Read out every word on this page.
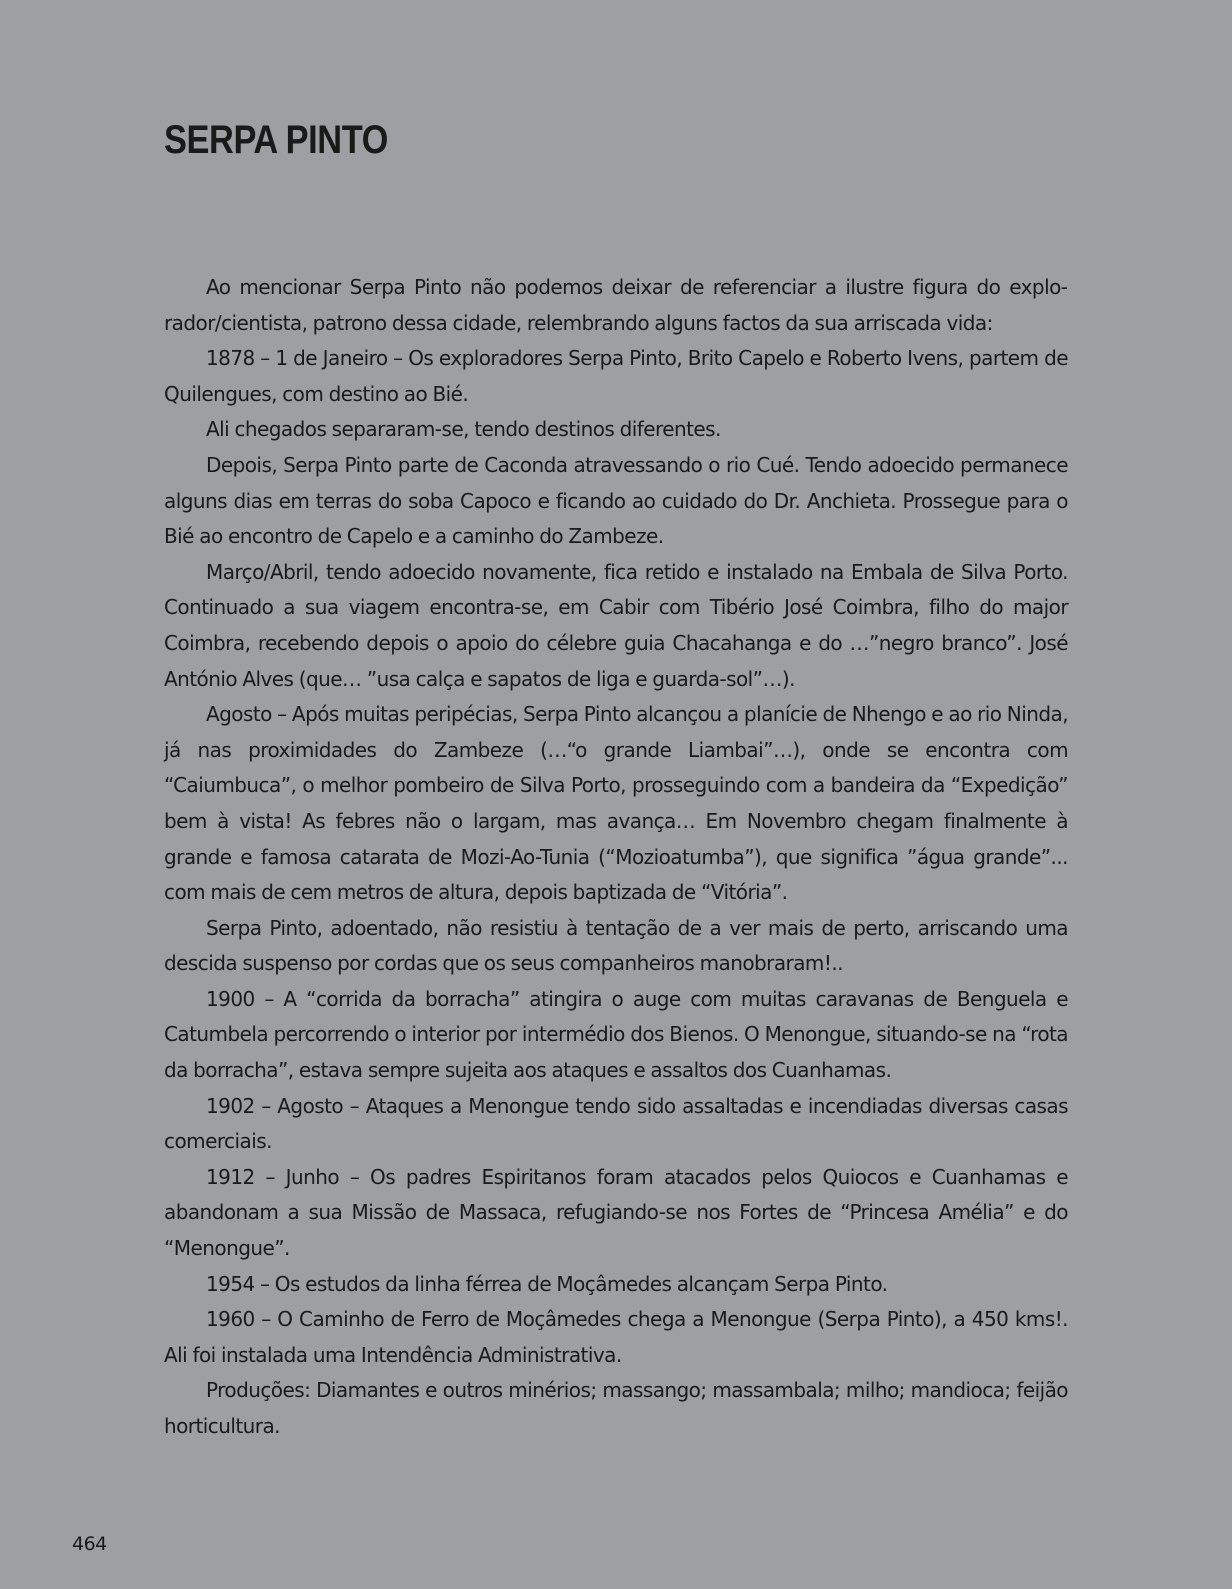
SERPA PINTO

Ao mencionar Serpa Pinto não podemos deixar de referenciar a ilustre figura do explorador/cientista, patrono dessa cidade, relembrando alguns factos da sua arriscada vida:

1878 – 1 de Janeiro – Os exploradores Serpa Pinto, Brito Capelo e Roberto Ivens, partem de Quilengues, com destino ao Bié.

Ali chegados separaram-se, tendo destinos diferentes.

Depois, Serpa Pinto parte de Caconda atravessando o rio Cué. Tendo adoecido permanece alguns dias em terras do soba Capoco e ficando ao cuidado do Dr. Anchieta. Prossegue para o Bié ao encontro de Capelo e a caminho do Zambeze.

Março/Abril, tendo adoecido novamente, fica retido e instalado na Embala de Silva Porto. Continuado a sua viagem encontra-se, em Cabir com Tibério José Coimbra, filho do major Coimbra, recebendo depois o apoio do célebre guia Chacahanga e do …”negro branco”. José António Alves (que… ”usa calça e sapatos de liga e guarda-sol”…).

Agosto – Após muitas peripécias, Serpa Pinto alcançou a planície de Nhengo e ao rio Ninda, já nas proximidades do Zambeze (…“o grande Liambai”…), onde se encontra com “Caiumbuca”, o melhor pombeiro de Silva Porto, prosseguindo com a bandeira da “Expedição” bem à vista! As febres não o largam, mas avança… Em Novembro chegam finalmente à grande e famosa catarata de Mozi-Ao-Tunia (“Mozioatumba”), que significa ”água grande”... com mais de cem metros de altura, depois baptizada de “Vitória”.

Serpa Pinto, adoentado, não resistiu à tentação de a ver mais de perto, arriscando uma descida suspenso por cordas que os seus companheiros manobraram!..

1900 – A “corrida da borracha” atingira o auge com muitas caravanas de Benguela e Catumbela percorrendo o interior por intermédio dos Bienos. O Menongue, situando-se na “rota da borracha”, estava sempre sujeita aos ataques e assaltos dos Cuanhamas.

1902 – Agosto – Ataques a Menongue tendo sido assaltadas e incendiadas diversas casas comerciais.

1912 – Junho – Os padres Espiritanos foram atacados pelos Quiocos e Cuanhamas e abandonam a sua Missão de Massaca, refugiando-se nos Fortes de “Princesa Amélia” e do “Menongue”.

1954 – Os estudos da linha férrea de Moçâmedes alcançam Serpa Pinto.

1960 – O Caminho de Ferro de Moçâmedes chega a Menongue (Serpa Pinto), a 450 kms!. Ali foi instalada uma Intendência Administrativa.

Produções: Diamantes e outros minérios; massango; massambala; milho; mandioca; feijão horticultura.

464
